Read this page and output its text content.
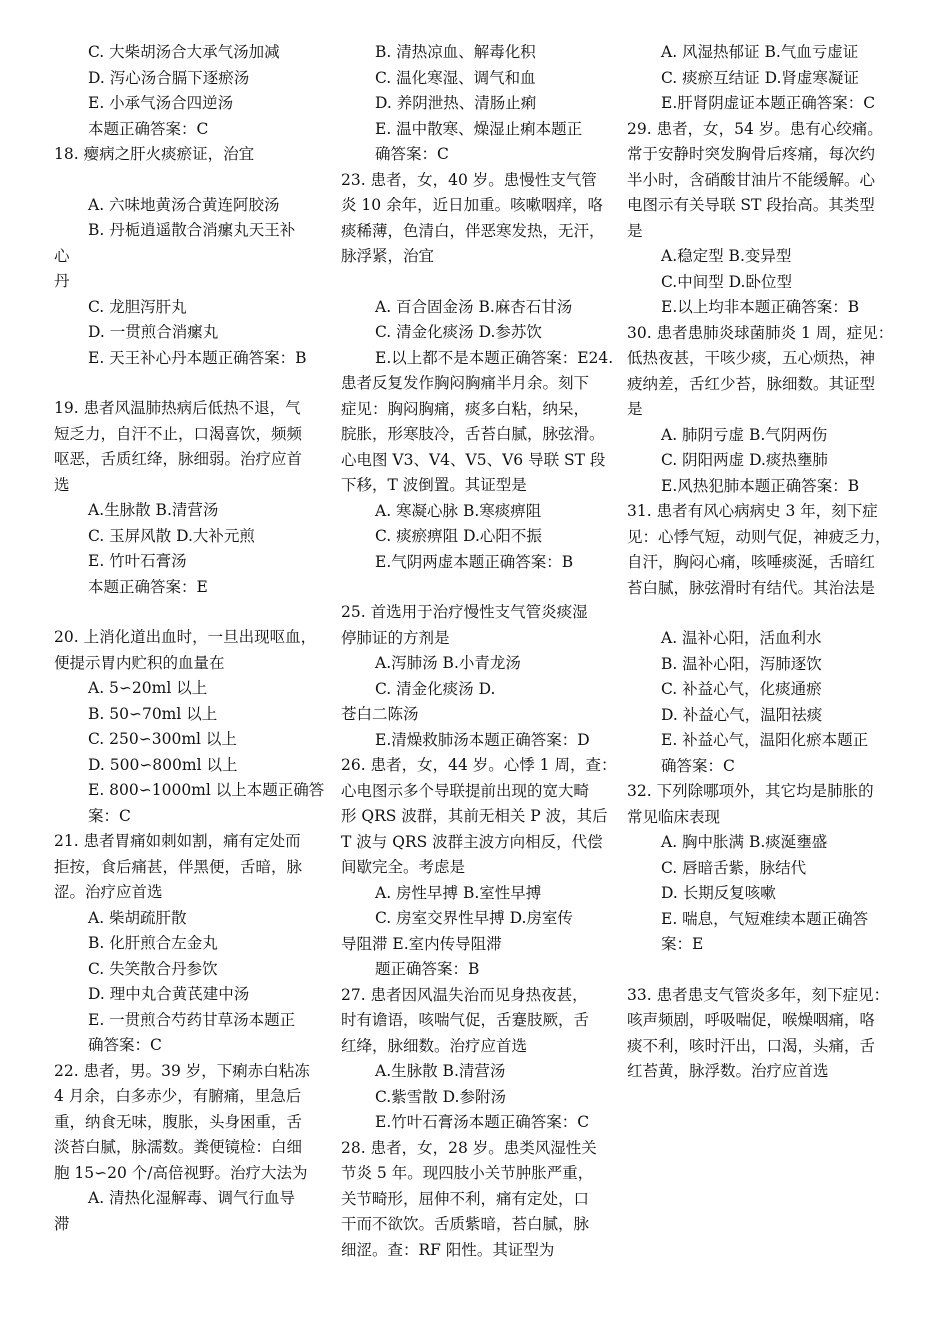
C. 大柴胡汤合大承气汤加减
D. 泻心汤合膈下逐瘀汤
E. 小承气汤合四逆汤
本题正确答案：C
18. 瘿病之肝火痰瘀证，治宜
A. 六味地黄汤合黄连阿胶汤
B. 丹栀逍遥散合消瘰丸天王补
心
丹
C. 龙胆泻肝丸
D. 一贯煎合消瘰丸
E. 天王补心丹本题正确答案：B
19. 患者风温肺热病后低热不退，气
短乏力，自汗不止，口渴喜饮，频频
呕恶，舌质红绛，脉细弱。治疗应首
选
A.生脉散 B.清营汤
C. 玉屏风散 D.大补元煎
E. 竹叶石膏汤
本题正确答案：E
20. 上消化道出血时，一旦出现呕血，
便提示胃内贮积的血量在
A. 5∽20ml 以上
B. 50∽70ml 以上
C. 250∽300ml 以上
D. 500∽800ml 以上
E. 800∽1000ml 以上本题正确答
案：C
21. 患者胃痛如刺如割，痛有定处而
拒按，食后痛甚，伴黑便，舌暗，脉
涩。治疗应首选
A. 柴胡疏肝散
B. 化肝煎合左金丸
C. 失笑散合丹参饮
D. 理中丸合黄芪建中汤
E. 一贯煎合芍药甘草汤本题正
确答案：C
22. 患者，男。39 岁，下痢赤白粘冻
4 月余，白多赤少，有腑痛，里急后
重，纳食无味，腹胀，头身困重，舌
淡苔白腻，脉濡数。粪便镜检：白细
胞 15∽20 个/高倍视野。治疗大法为
A. 清热化湿解毒、调气行血导
滞
B. 清热凉血、解毒化积
C. 温化寒湿、调气和血
D. 养阴泄热、清肠止痢
E. 温中散寒、燥湿止痢本题正
确答案：C
23. 患者，女，40 岁。患慢性支气管
炎 10 余年，近日加重。咳嗽咽痒，咯
痰稀薄，色清白，伴恶寒发热，无汗，
脉浮紧，治宜
A. 百合固金汤 B.麻杏石甘汤
C. 清金化痰汤 D.参苏饮
E.以上都不是本题正确答案：E24.
患者反复发作胸闷胸痛半月余。刻下
症见：胸闷胸痛，痰多白粘，纳呆，
脘胀，形寒肢冷，舌苔白腻，脉弦滑。
心电图 V3、V4、V5、V6 导联 ST 段
下移，T 波倒置。其证型是
A. 寒凝心脉 B.寒痰痹阻
C. 痰瘀痹阻 D.心阳不振
E.气阴两虚本题正确答案：B
25. 首选用于治疗慢性支气管炎痰湿
停肺证的方剂是
A.泻肺汤 B.小青龙汤
C. 清金化痰汤 D.
苍白二陈汤
E.清燥救肺汤本题正确答案：D
26. 患者，女，44 岁。心悸 1 周，查：
心电图示多个导联提前出现的宽大畸
形 QRS 波群，其前无相关 P 波，其后
T 波与 QRS 波群主波方向相反，代偿
间歇完全。考虑是
A. 房性早搏 B.室性早搏
C. 房室交界性早搏 D.房室传
导阻滞 E.室内传导阻滞
题正确答案：B
27. 患者因风温失治而见身热夜甚，
时有谵语，咳喘气促，舌蹇肢厥，舌
红绛，脉细数。治疗应首选
A.生脉散 B.清营汤
C.紫雪散 D.参附汤
E.竹叶石膏汤本题正确答案：C
28. 患者，女，28 岁。患类风湿性关
节炎 5 年。现四肢小关节肿胀严重，
关节畸形，屈伸不利，痛有定处，口
干而不欲饮。舌质紫暗，苔白腻，脉
细涩。查：RF 阳性。其证型为
A. 风湿热郁证 B.气血亏虚证
C. 痰瘀互结证 D.肾虚寒凝证
E.肝肾阴虚证本题正确答案：C
29. 患者，女，54 岁。患有心绞痛。
常于安静时突发胸骨后疼痛，每次约
半小时，含硝酸甘油片不能缓解。心
电图示有关导联 ST 段抬高。其类型
是
A.稳定型 B.变异型
C.中间型 D.卧位型
E.以上均非本题正确答案：B
30. 患者患肺炎球菌肺炎 1 周，症见：
低热夜甚，干咳少痰，五心烦热，神
疲纳差，舌红少苔，脉细数。其证型
是
A. 肺阴亏虚 B.气阴两伤
C. 阴阳两虚 D.痰热壅肺
E.风热犯肺本题正确答案：B
31. 患者有风心病病史 3 年，刻下症
见：心悸气短，动则气促，神疲乏力，
自汗，胸闷心痛，咳唾痰涎，舌暗红
苔白腻，脉弦滑时有结代。其治法是
A. 温补心阳，活血利水
B. 温补心阳，泻肺逐饮
C. 补益心气，化痰通瘀
D. 补益心气，温阳祛痰
E. 补益心气，温阳化瘀本题正
确答案：C
32. 下列除哪项外，其它均是肺胀的
常见临床表现
A. 胸中胀满 B.痰涎壅盛
C. 唇暗舌紫，脉结代
D. 长期反复咳嗽
E. 喘息，气短难续本题正确答
案：E
33. 患者患支气管炎多年，刻下症见：
咳声频剧，呼吸喘促，喉燥咽痛，咯
痰不利，咳时汗出，口渴，头痛，舌
红苔黄，脉浮数。治疗应首选
